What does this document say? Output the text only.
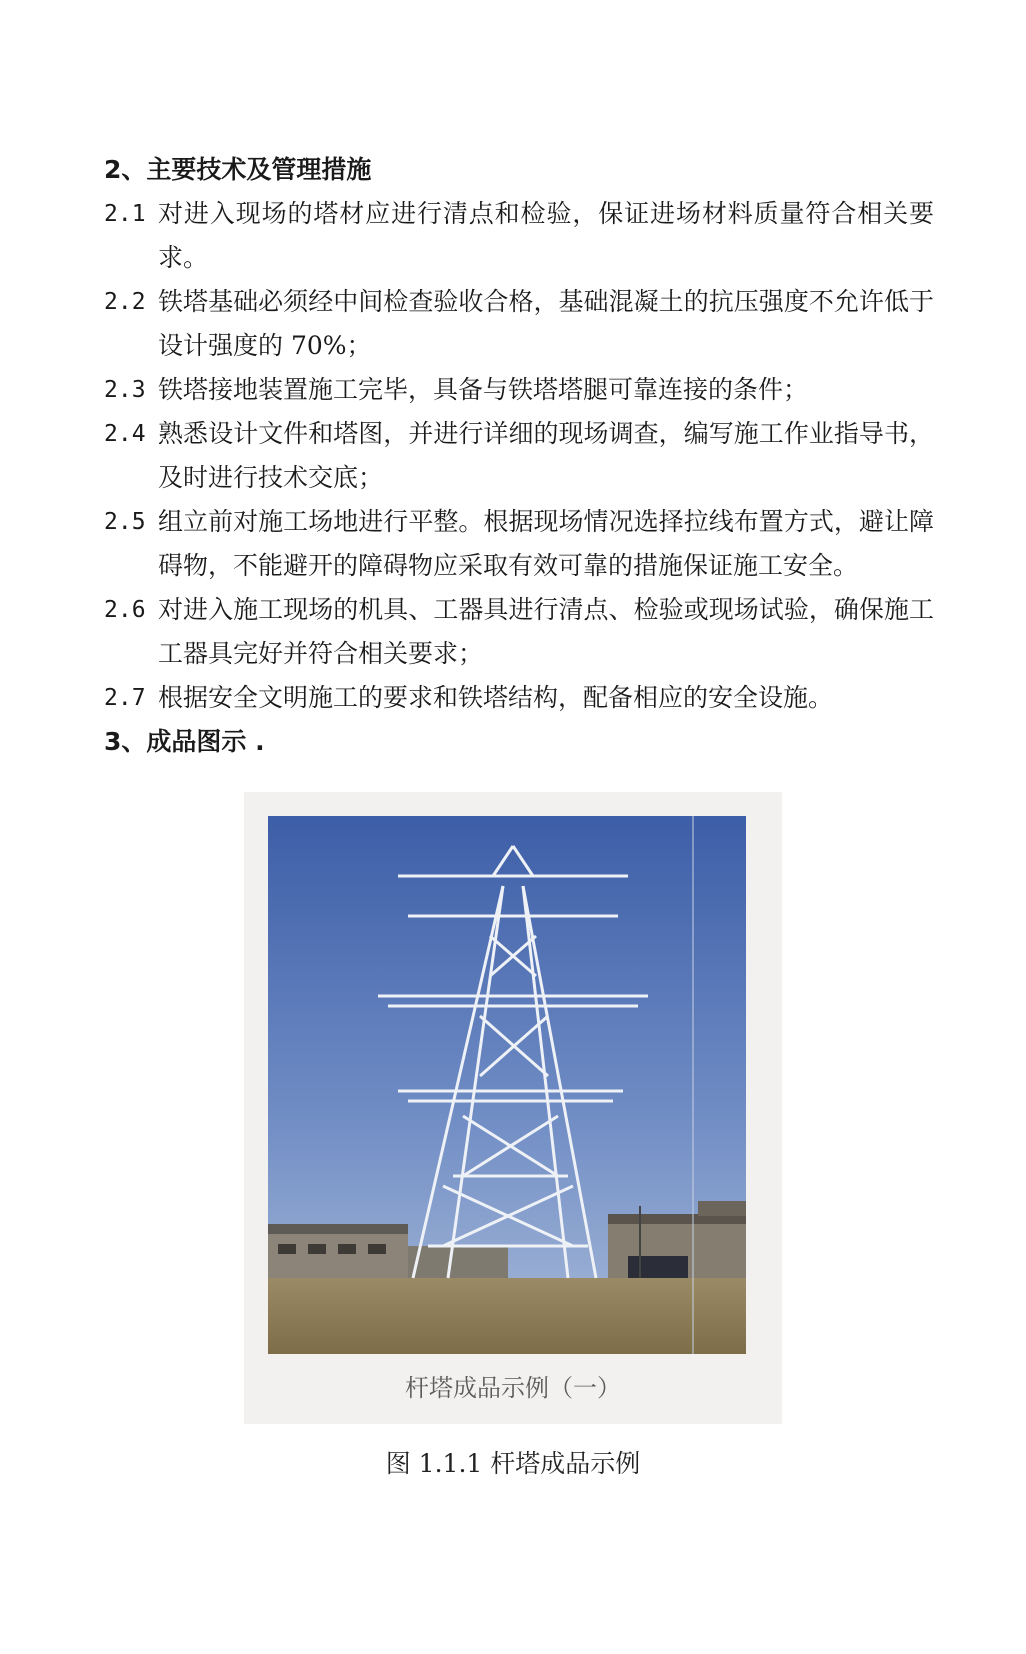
2、主要技术及管理措施
2.1 对进入现场的塔材应进行清点和检验，保证进场材料质量符合相关要求。
2.2 铁塔基础必须经中间检查验收合格，基础混凝土的抗压强度不允许低于设计强度的 70%；
2.3 铁塔接地装置施工完毕，具备与铁塔塔腿可靠连接的条件；
2.4 熟悉设计文件和塔图，并进行详细的现场调查，编写施工作业指导书，及时进行技术交底；
2.5 组立前对施工场地进行平整。根据现场情况选择拉线布置方式，避让障碍物，不能避开的障碍物应采取有效可靠的措施保证施工安全。
2.6 对进入施工现场的机具、工器具进行清点、检验或现场试验，确保施工工器具完好并符合相关要求；
2.7 根据安全文明施工的要求和铁塔结构，配备相应的安全设施。
3、成品图示 .
杆塔成品示例（一）
图 1.1.1 杆塔成品示例
